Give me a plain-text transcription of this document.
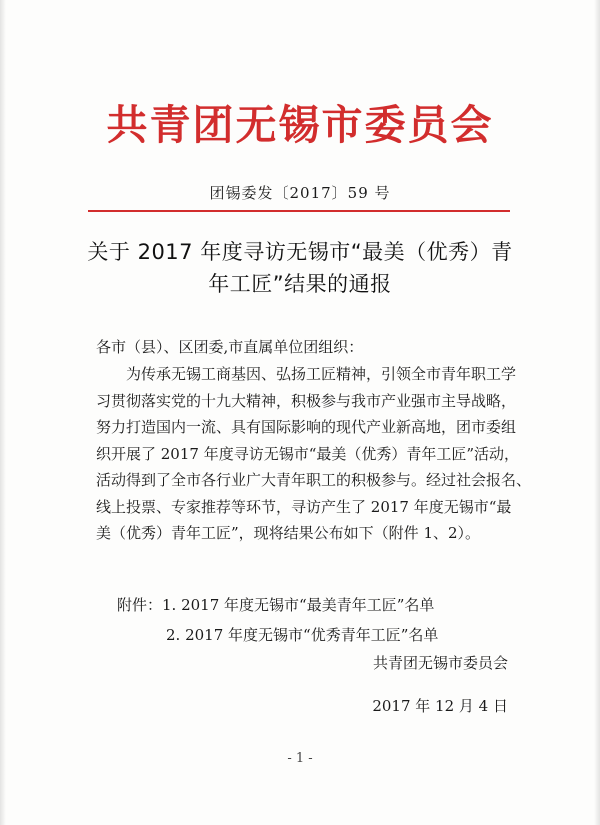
共青团无锡市委员会
团锡委发〔2017〕59 号
关于 2017 年度寻访无锡市“最美（优秀）青
年工匠”结果的通报
各市（县）、区团委,市直属单位团组织：
为传承无锡工商基因、弘扬工匠精神，引领全市青年职工学
习贯彻落实党的十九大精神，积极参与我市产业强市主导战略，
努力打造国内一流、具有国际影响的现代产业新高地，团市委组
织开展了 2017 年度寻访无锡市“最美（优秀）青年工匠”活动，
活动得到了全市各行业广大青年职工的积极参与。经过社会报名、
线上投票、专家推荐等环节，寻访产生了 2017 年度无锡市“最
美（优秀）青年工匠”，现将结果公布如下（附件 1、2）。
附件：1. 2017 年度无锡市“最美青年工匠”名单
2. 2017 年度无锡市“优秀青年工匠”名单
共青团无锡市委员会
2017 年 12 月 4 日
- 1 -
